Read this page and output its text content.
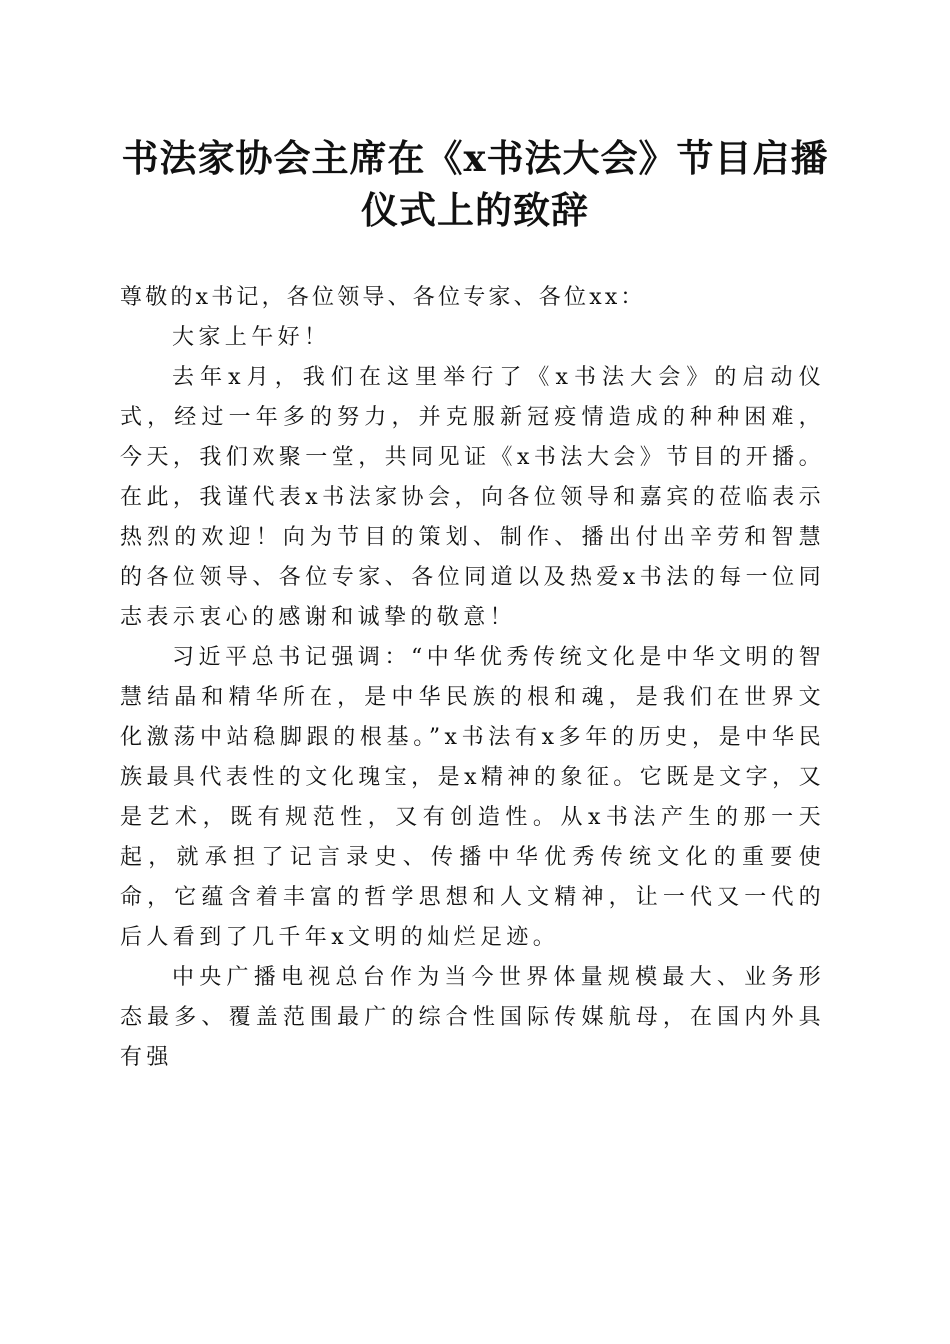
书法家协会主席在《x书法大会》节目启播仪式上的致辞

尊敬的x书记，各位领导、各位专家、各位xx：

大家上午好！

去年x月，我们在这里举行了《x书法大会》的启动仪式，经过一年多的努力，并克服新冠疫情造成的种种困难，今天，我们欢聚一堂，共同见证《x书法大会》节目的开播。在此，我谨代表x书法家协会，向各位领导和嘉宾的莅临表示热烈的欢迎！向为节目的策划、制作、播出付出辛劳和智慧的各位领导、各位专家、各位同道以及热爱x书法的每一位同志表示衷心的感谢和诚挚的敬意！

习近平总书记强调：“中华优秀传统文化是中华文明的智慧结晶和精华所在，是中华民族的根和魂，是我们在世界文化激荡中站稳脚跟的根基。”x书法有x多年的历史，是中华民族最具代表性的文化瑰宝，是x精神的象征。它既是文字，又是艺术，既有规范性，又有创造性。从x书法产生的那一天起，就承担了记言录史、传播中华优秀传统文化的重要使命，它蕴含着丰富的哲学思想和人文精神，让一代又一代的后人看到了几千年x文明的灿烂足迹。

中央广播电视总台作为当今世界体量规模最大、业务形态最多、覆盖范围最广的综合性国际传媒航母，在国内外具有强
